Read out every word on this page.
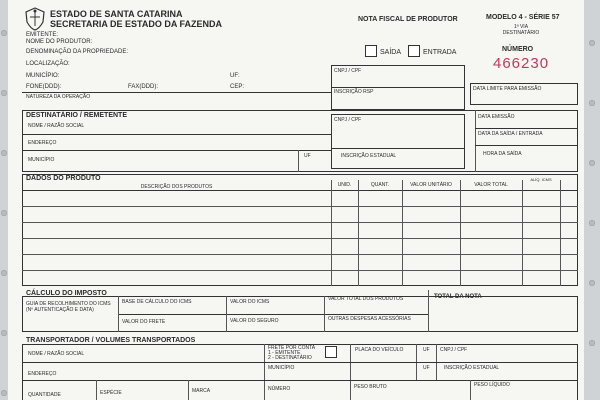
ESTADO DE SANTA CATARINA
SECRETARIA DE ESTADO DA FAZENDA	NOTA FISCAL DE PRODUTOR	MODELO 4 - SÉRIE 57
1ª VIA
DESTINATÁRIO
NÚMERO
466230
SAÍDA	ENTRADA
EMITENTE:
NOME DO PRODUTOR:
DENOMINAÇÃO DA PROPRIEDADE:
LOCALIZAÇÃO:
MUNICÍPIO:	UF:
FONE(DDD):	FAX(DDD):	CEP:
CNPJ / CPF
INSCRIÇÃO RSP
NATUREZA DA OPERAÇÃO
DATA LIMITE PARA EMISSÃO
DESTINATÁRIO / REMETENTE
NOME / RAZÃO SOCIAL
CNPJ / CPF	DATA EMISSÃO
ENDEREÇO
DATA DA SAÍDA / ENTRADA
MUNICÍPIO
UF	INSCRIÇÃO ESTADUAL	HORA DA SAÍDA
DADOS DO PRODUTO
DESCRIÇÃO DOS PRODUTOS	UNID.	QUANT.	VALOR UNITÁRIO	VALOR TOTAL
ALÍQ. ICMS
CÁLCULO DO IMPOSTO
GUIA DE RECOLHIMENTO DO ICMS
(Nº AUTENTICAÇÃO E DATA)
BASE DE CÁLCULO DO ICMS	VALOR DO ICMS	VALOR TOTAL DOS PRODUTOS	TOTAL DA NOTA
VALOR DO FRETE	VALOR DO SEGURO	OUTRAS DESPESAS ACESSÓRIAS
TRANSPORTADOR / VOLUMES TRANSPORTADOS
NOME / RAZÃO SOCIAL
FRETE POR CONTA
1 - EMITENTE
2 - DESTINATÁRIO
PLACA DO VEÍCULO	UF CNPJ / CPF
ENDEREÇO
MUNICÍPIO	UF	INSCRIÇÃO ESTADUAL
QUANTIDADE	ESPÉCIE	MARCA	NÚMERO	PESO BRUTO	PESO LÍQUIDO
